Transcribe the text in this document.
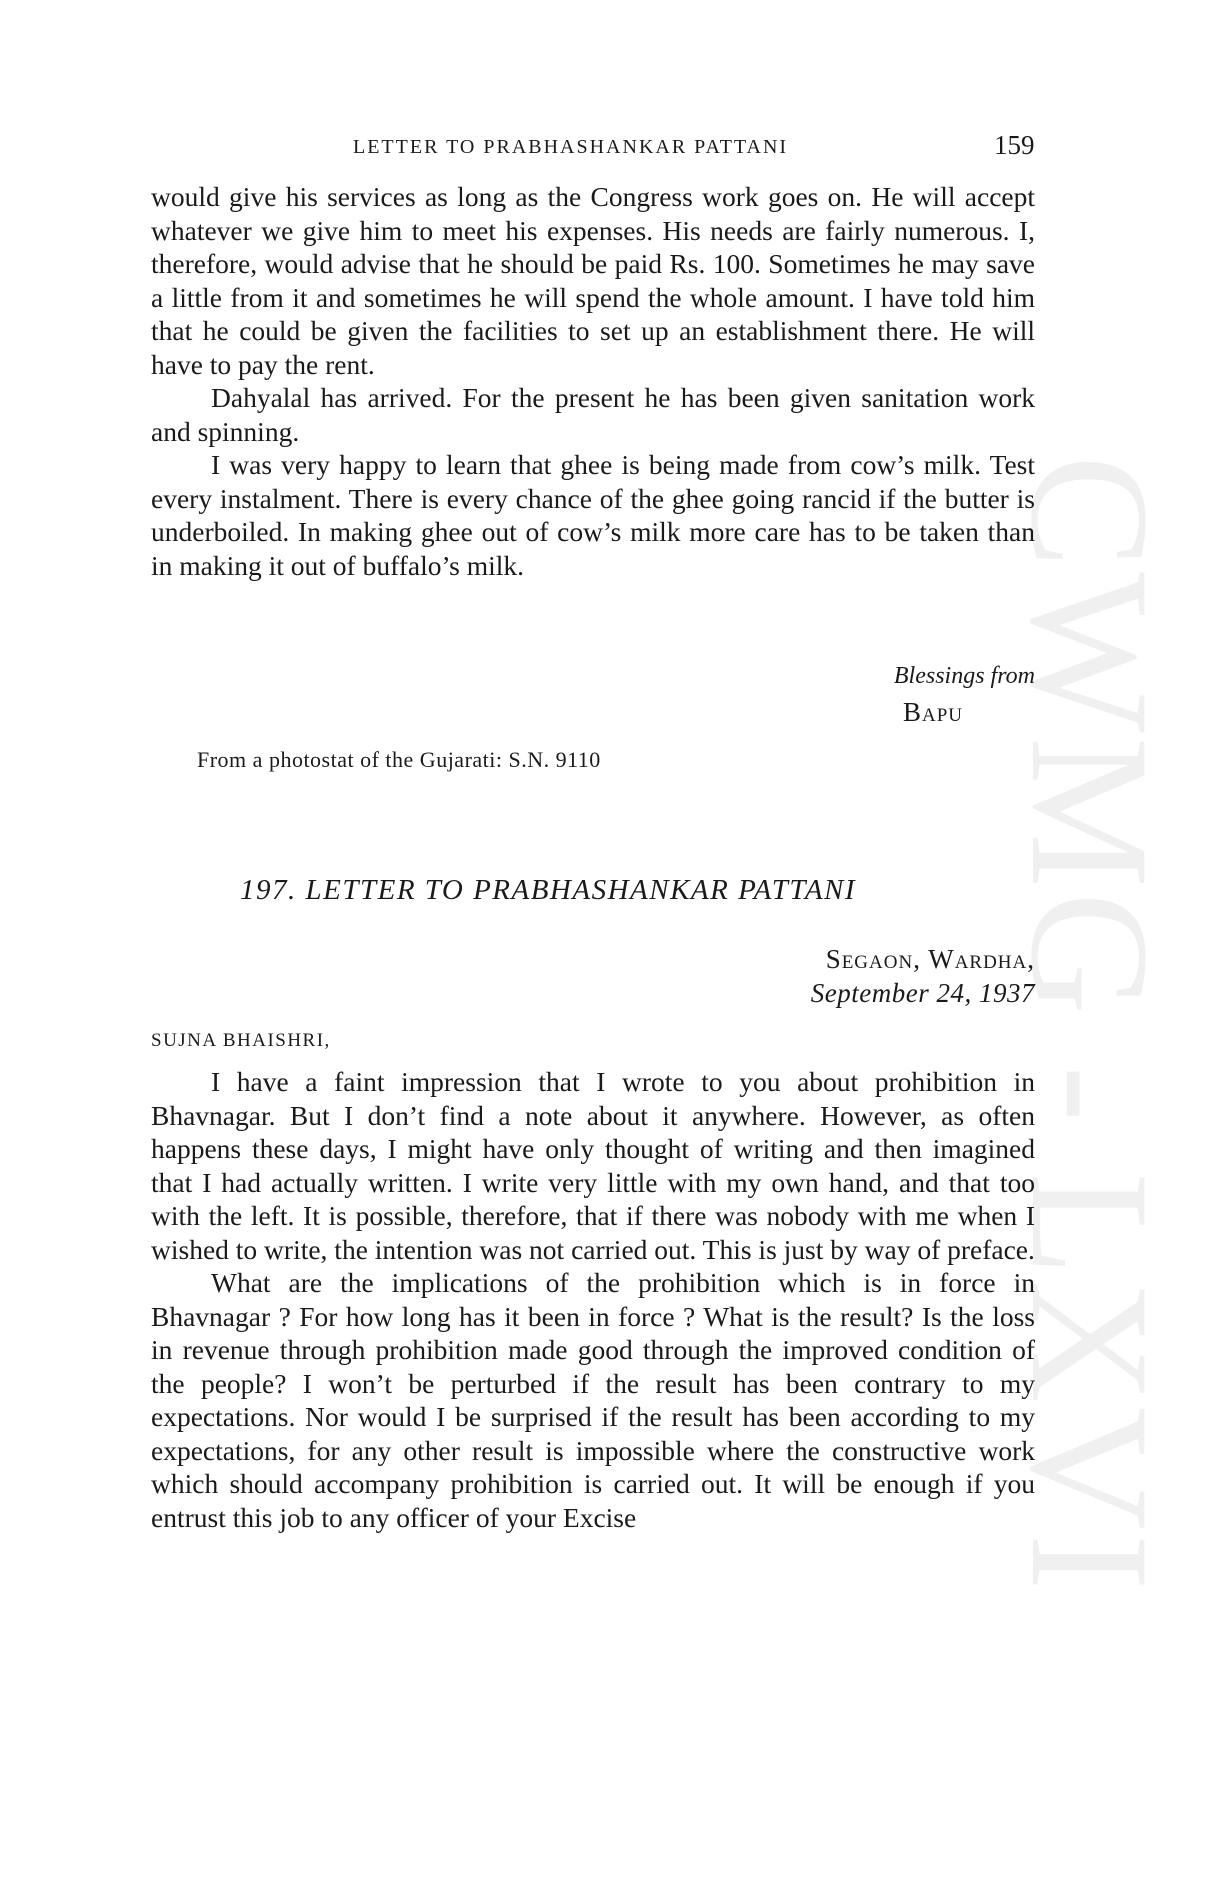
CWMG - LXVI
LETTER TO PRABHASHANKAR PATTANI	159

would give his services as long as the Congress work goes on. He will accept whatever we give him to meet his expenses. His needs are fairly numerous. I, therefore, would advise that he should be paid Rs. 100. Sometimes he may save a little from it and sometimes he will spend the whole amount. I have told him that he could be given the facilities to set up an establishment there. He will have to pay the rent.

Dahyalal has arrived. For the present he has been given sanitation work and spinning.

I was very happy to learn that ghee is being made from cow’s milk. Test every instalment. There is every chance of the ghee going rancid if the butter is underboiled. In making ghee out of cow’s milk more care has to be taken than in making it out of buffalo’s milk.

Blessings from
Bapu
From a photostat of the Gujarati: S.N. 9110
197. LETTER TO PRABHASHANKAR PATTANI
Segaon, Wardha,
September 24, 1937
SUJNA BHAISHRI,

I have a faint impression that I wrote to you about prohibition in Bhavnagar. But I don’t find a note about it anywhere. However, as often happens these days, I might have only thought of writing and then imagined that I had actually written. I write very little with my own hand, and that too with the left. It is possible, therefore, that if there was nobody with me when I wished to write, the intention was not carried out. This is just by way of preface.

What are the implications of the prohibition which is in force in Bhavnagar ? For how long has it been in force ? What is the result? Is the loss in revenue through prohibition made good through the improved condition of the people? I won’t be perturbed if the result has been contrary to my expectations. Nor would I be surprised if the result has been according to my expectations, for any other result is impossible where the constructive work which should accompany prohibition is carried out. It will be enough if you entrust this job to any officer of your Excise
